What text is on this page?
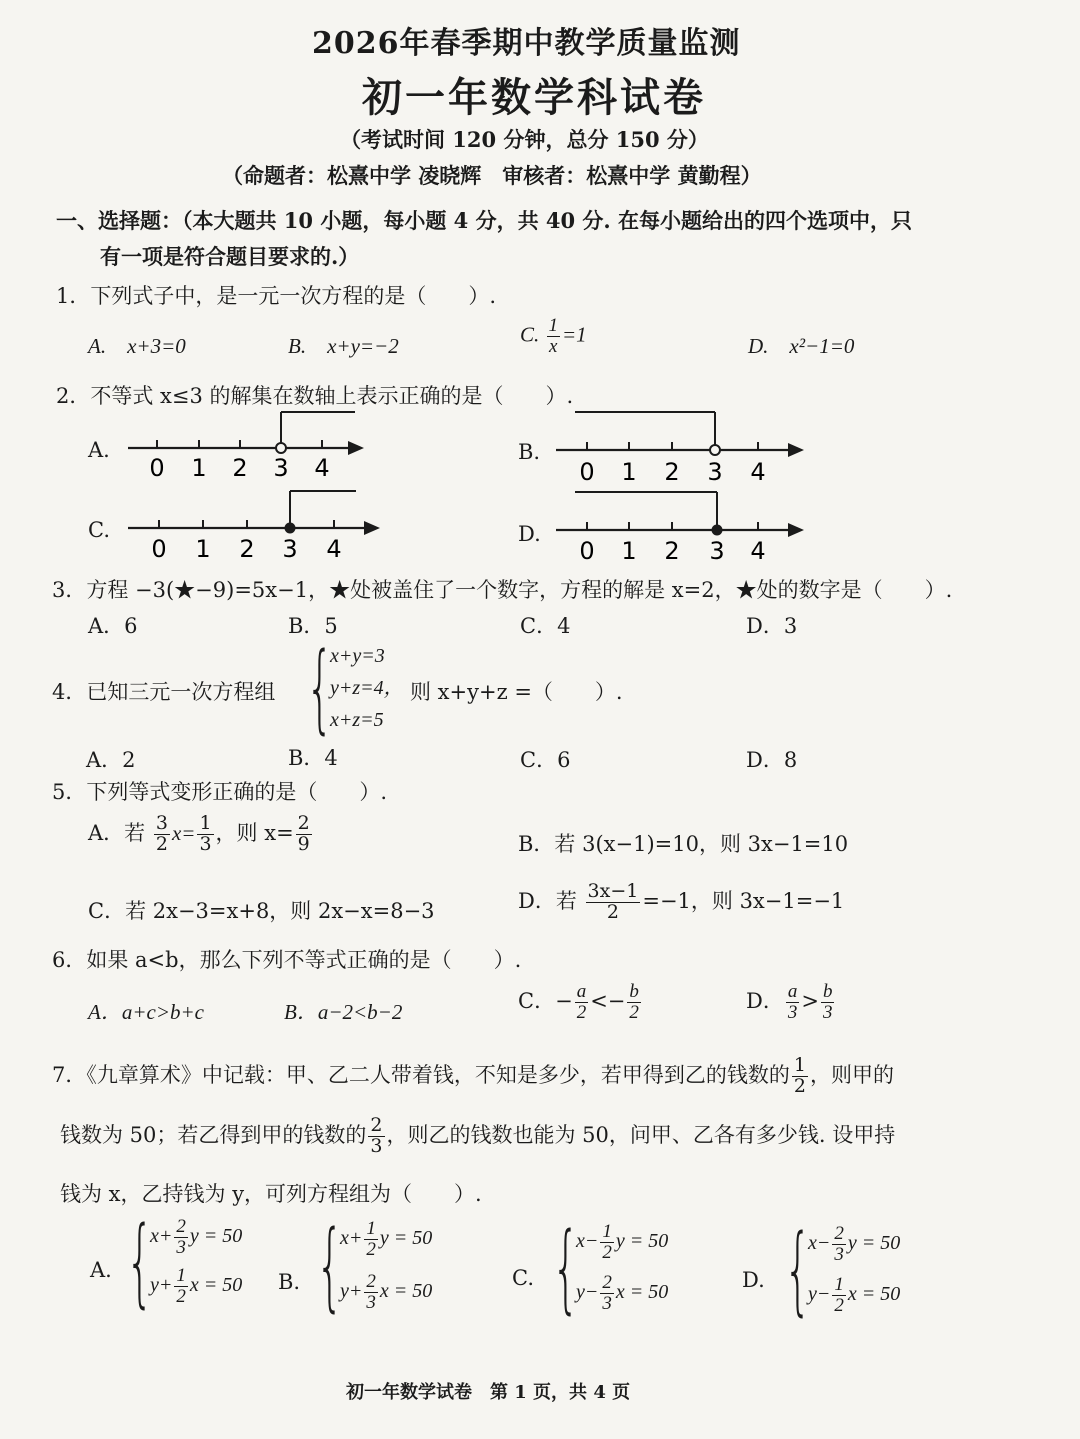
2026年春季期中教学质量监测
初一年数学科试卷
（考试时间 120 分钟，总分 150 分）
（命题者：松熹中学 凌晓辉　审核者：松熹中学 黄勤程）
一、选择题：（本大题共 10 小题，每小题 4 分，共 40 分. 在每小题给出的四个选项中，只
有一项是符合题目要求的.）
1．下列式子中，是一元一次方程的是（　　）.
A.　x+3=0	B.　x+y=−2	C. $\frac{1}{x} =1$	D.　x²−1=0
2．不等式 x≤3 的解集在数轴上表示正确的是（　　）.
A.	B.
C.	D.
0 1 2 3 4	0 1 2 3 4
0 1 2 3 4	0 1 2 3 4
3．方程 −3(★−9)=5x−1，★处被盖住了一个数字，方程的解是 x=2，★处的数字是（　　）.
A．6	B．5	C．4	D．3
4．已知三元一次方程组 {
x+y=3
y+z=4，
x+z=5
则 x+y+z =（　　）.
A．2	B．4	C．6	D．8
5．下列等式变形正确的是（　　）.
A．若 $\frac{3}{2} x= \frac{1}{3}$ ，则 $x= \frac{2}{9}$	B．若 3(x−1)=10，则 3x−1=10
C．若 2x−3=x+8，则 2x−x=8−3	D．若 $\frac{3x-1}{2} =-1$，则 3x−1=−1
6．如果 a<b，那么下列不等式正确的是（　　）.
A．a+c>b+c	B．a−2<b−2	C．− $\frac{a}{2} <- \frac{b}{2}$	D． $\frac{a}{3} > \frac{b}{3}$
7．《九章算术》中记载：甲、乙二人带着钱，不知是多少，若甲得到乙的钱数的 $\frac{1}{2}$ ，则甲的
钱数为 50；若乙得到甲的钱数的 $\frac{2}{3}$ ，则乙的钱数也能为 50，问甲、乙各有多少钱. 设甲持
钱为 x，乙持钱为 y，可列方程组为（　　）.
A. {
$x+ \frac{2}{3}$ y = 50
$y+ \frac{1}{2}$ x = 50 B. {
$x+ \frac{1}{2}$ y = 50
$y+ \frac{2}{3}$ x = 50
C. {
$x- \frac{1}{2}$ y = 50
$y- \frac{2}{3}$ x = 50
D. {
$x- \frac{2}{3}$ y = 50
$y- \frac{1}{2}$ x = 50
初一年数学试卷　第 1 页，共 4 页
